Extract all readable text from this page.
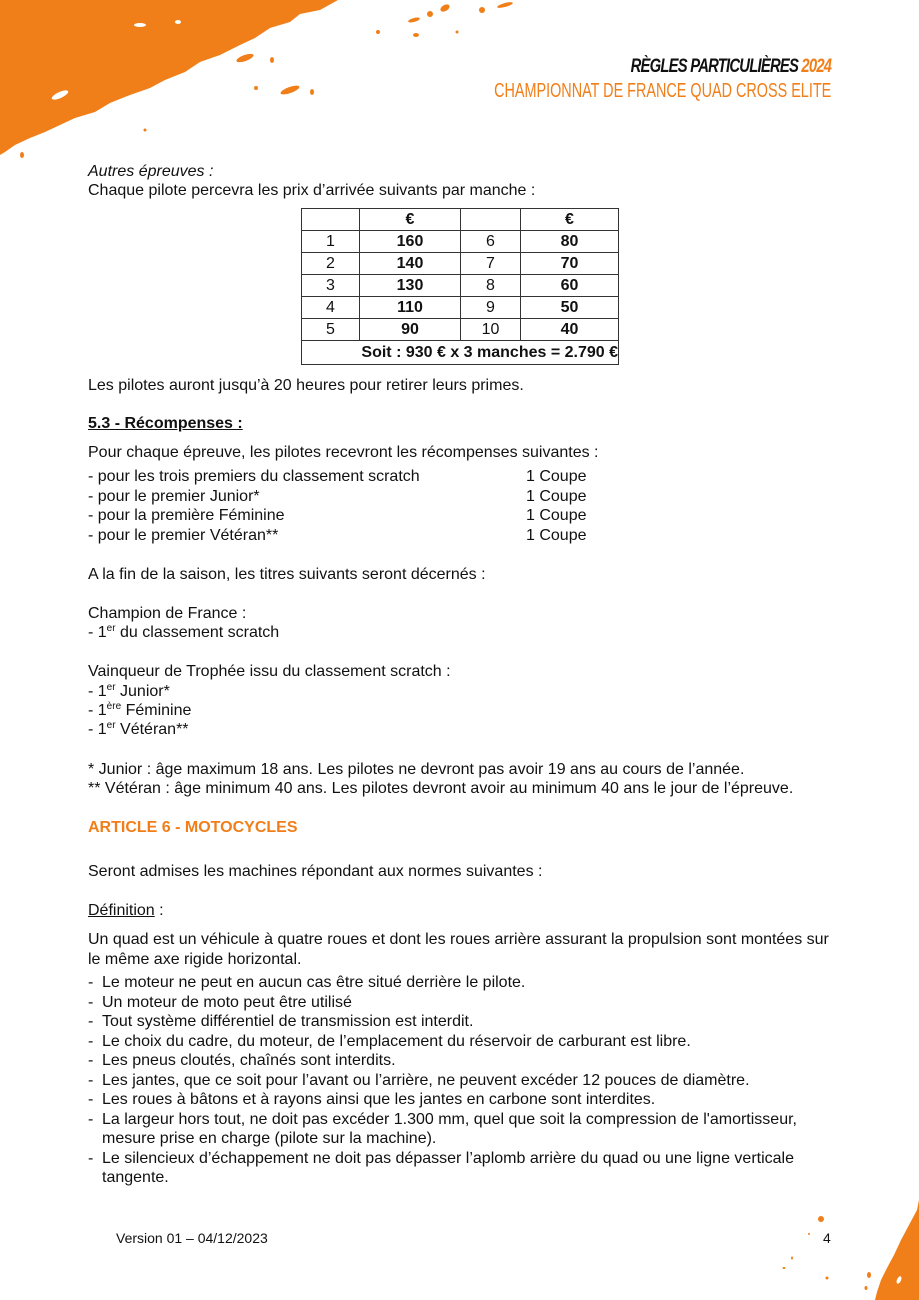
RÈGLES PARTICULIÈRES 2024
CHAMPIONNAT DE FRANCE QUAD CROSS ELITE
Autres épreuves :
Chaque pilote percevra les prix d’arrivée suivants par manche :
	€		€
1	160	6	80
2	140	7	70
3	130	8	60
4	110	9	50
5	90	10	40
Soit : 930 € x 3 manches = 2.790 €			
Les pilotes auront jusqu’à 20 heures pour retirer leurs primes.
5.3 - Récompenses :
Pour chaque épreuve, les pilotes recevront les récompenses suivantes :
- pour les trois premiers du classement scratch	1 Coupe
- pour le premier Junior*	1 Coupe
- pour la première Féminine	1 Coupe
- pour le premier Vétéran**	1 Coupe
A la fin de la saison, les titres suivants seront décernés :
Champion de France :
- 1er du classement scratch
Vainqueur de Trophée issu du classement scratch :
- 1er Junior*
- 1ère Féminine
- 1er Vétéran**
* Junior : âge maximum 18 ans. Les pilotes ne devront pas avoir 19 ans au cours de l’année.
** Vétéran : âge minimum 40 ans. Les pilotes devront avoir au minimum 40 ans le jour de l’épreuve.
ARTICLE 6 - MOTOCYCLES
Seront admises les machines répondant aux normes suivantes :
Définition :
Un quad est un véhicule à quatre roues et dont les roues arrière assurant la propulsion sont montées sur le même axe rigide horizontal.
- Le moteur ne peut en aucun cas être situé derrière le pilote.
- Un moteur de moto peut être utilisé
- Tout système différentiel de transmission est interdit.
- Le choix du cadre, du moteur, de l’emplacement du réservoir de carburant est libre.
- Les pneus cloutés, chaînés sont interdits.
- Les jantes, que ce soit pour l’avant ou l’arrière, ne peuvent excéder 12 pouces de diamètre.
- Les roues à bâtons et à rayons ainsi que les jantes en carbone sont interdites.
- La largeur hors tout, ne doit pas excéder 1.300 mm, quel que soit la compression de l'amortisseur, mesure prise en charge (pilote sur la machine).
- Le silencieux d’échappement ne doit pas dépasser l’aplomb arrière du quad ou une ligne verticale tangente.
Version 01 – 04/12/2023	4
